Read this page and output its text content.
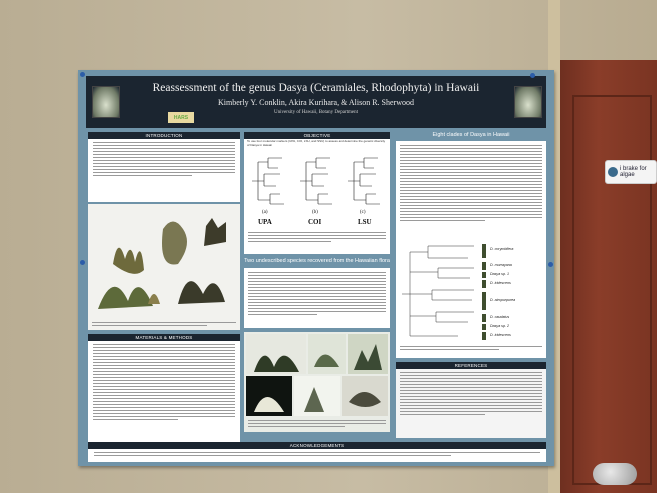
i brake for algae
HARS
Reassessment of the genus Dasya (Ceramiales, Rhodophyta) in Hawaii
Kimberly Y. Conklin, Akira Kurihara, & Alison R. Sherwood
University of Hawaii, Botany Department
INTRODUCTION
MATERIALS & METHODS
OBJECTIVE
To use four molecular markers (UPA, COI, LSU, and SSU) to assess and determine the genetic diversity of Dasya in Hawaii
(a)	(b)	(c)
UPA	COI	LSU
Two undescribed species recovered from the Hawaiian flora
Eight clades of Dasya in Hawaii
D. corymbifera
D. murrayana
Dasya sp. 1
D. iridescens
D. atropurpurea
D. caudatus
Dasya sp. 2
D. iridescens
REFERENCES
ACKNOWLEDGEMENTS
